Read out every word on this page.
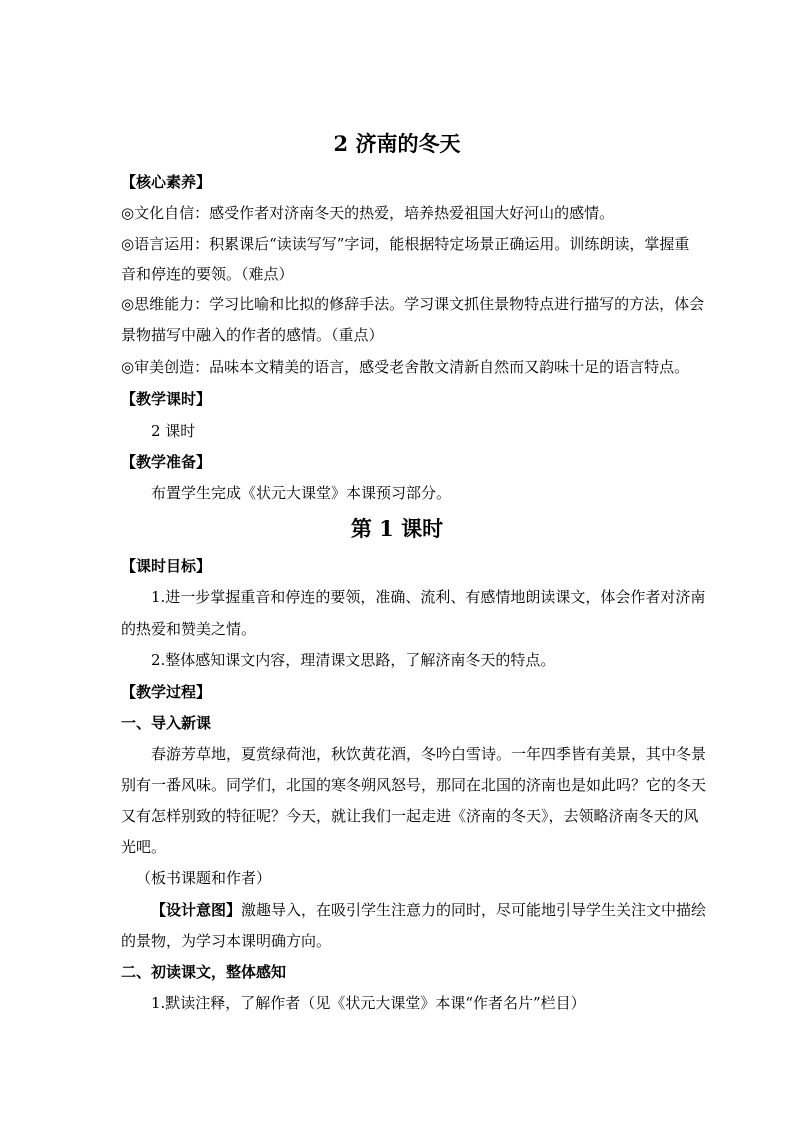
2 济南的冬天
【核心素养】
◎文化自信：感受作者对济南冬天的热爱，培养热爱祖国大好河山的感情。
◎语言运用：积累课后“读读写写”字词，能根据特定场景正确运用。训练朗读，掌握重
音和停连的要领。（难点）
◎思维能力：学习比喻和比拟的修辞手法。学习课文抓住景物特点进行描写的方法，体会
景物描写中融入的作者的感情。（重点）
◎审美创造：品味本文精美的语言，感受老舍散文清新自然而又韵味十足的语言特点。
【教学课时】
2 课时
【教学准备】
布置学生完成《状元大课堂》本课预习部分。
第 1 课时
【课时目标】
1.进一步掌握重音和停连的要领，准确、流利、有感情地朗读课文，体会作者对济南
的热爱和赞美之情。
2.整体感知课文内容，理清课文思路，了解济南冬天的特点。
【教学过程】
一、导入新课
春游芳草地，夏赏绿荷池，秋饮黄花酒，冬吟白雪诗。一年四季皆有美景，其中冬景
别有一番风味。同学们，北国的寒冬朔风怒号，那同在北国的济南也是如此吗？它的冬天
又有怎样别致的特征呢？今天，就让我们一起走进《济南的冬天》，去领略济南冬天的风
光吧。
（板书课题和作者）
【设计意图】激趣导入，在吸引学生注意力的同时，尽可能地引导学生关注文中描绘
的景物，为学习本课明确方向。
二、初读课文，整体感知
1.默读注释，了解作者（见《状元大课堂》本课“作者名片”栏目）
